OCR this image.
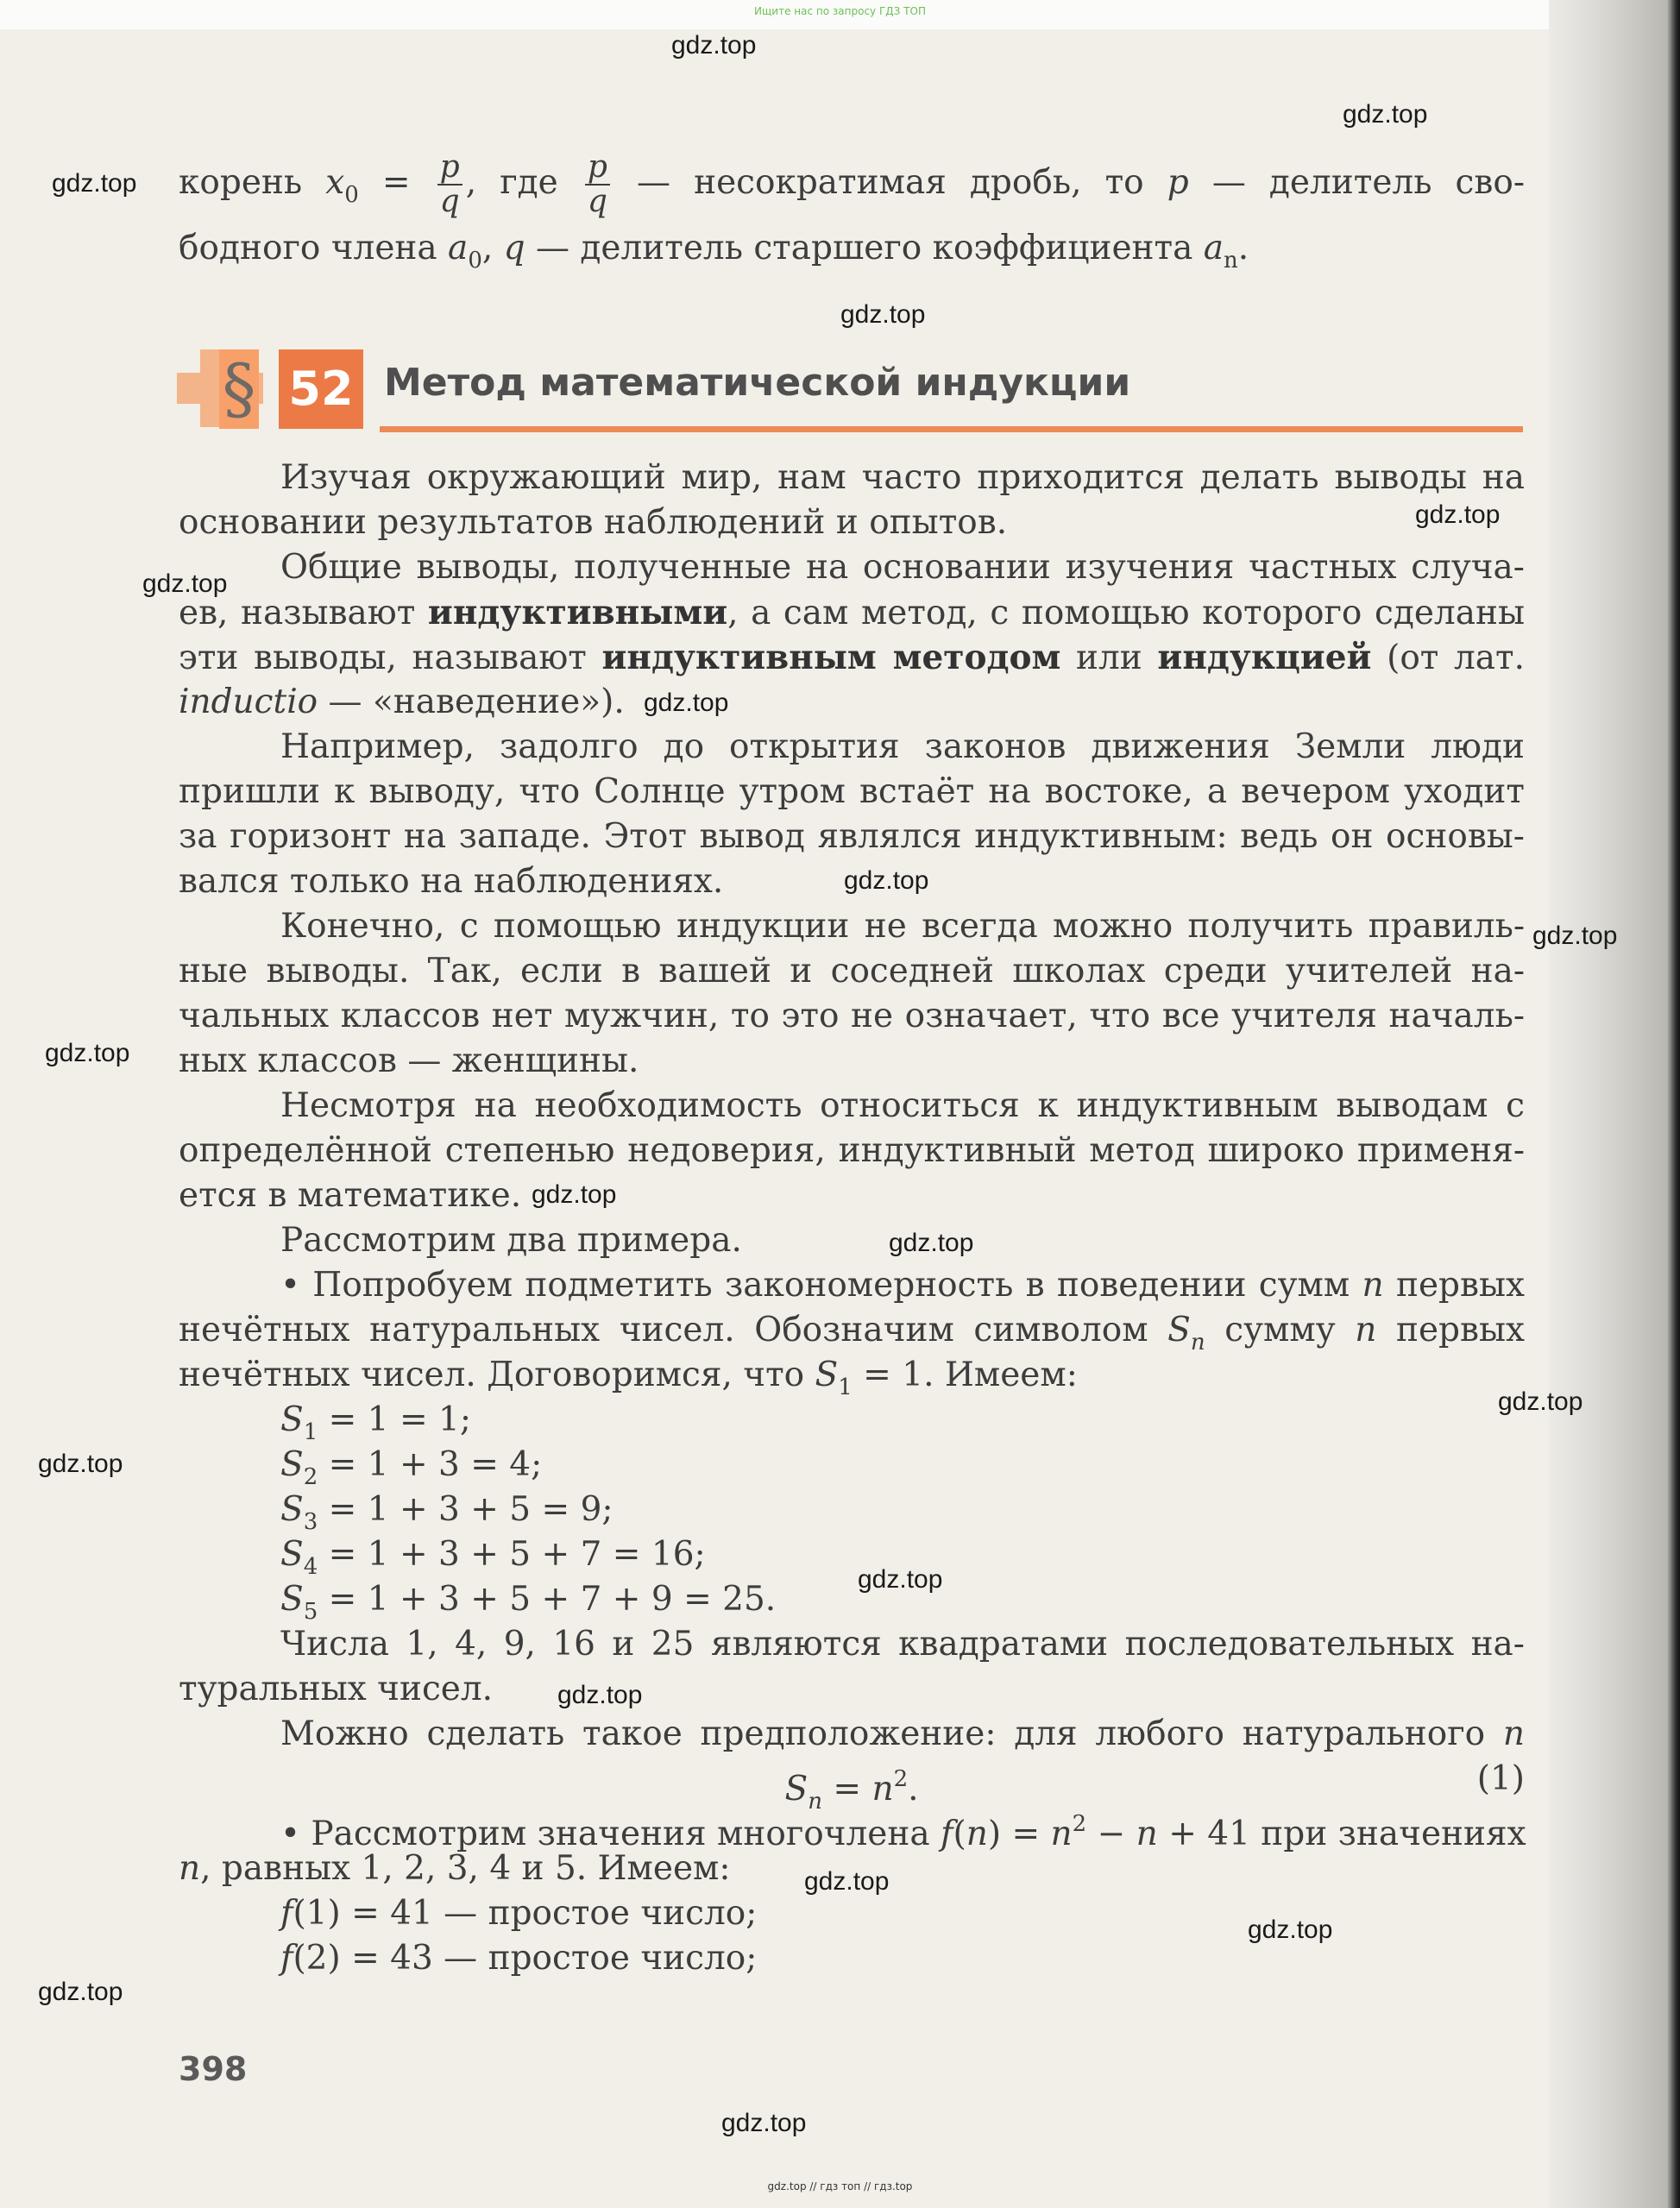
Ищите нас по запросу ГДЗ ТОП
корень $x_0 = \frac{p}{q}$ , где $\frac{p}{q}$ — несократимая дробь, то p — делитель сво-
бодного члена $a_0$, q — делитель старшего коэффициента $a_n$.
§ 52 Метод математической индукции
Изучая окружающий мир, нам часто приходится делать выводы на
основании результатов наблюдений и опытов.
Общие выводы, полученные на основании изучения частных случа-
ев, называют индуктивными, а сам метод, с помощью которого сделаны
эти выводы, называют индуктивным методом или индукцией (от лат.
inductio — «наведение»).
Например, задолго до открытия законов движения Земли люди
пришли к выводу, что Солнце утром встаёт на востоке, а вечером уходит
за горизонт на западе. Этот вывод являлся индуктивным: ведь он основы-
вался только на наблюдениях.
Конечно, с помощью индукции не всегда можно получить правиль-
ные выводы. Так, если в вашей и соседней школах среди учителей на-
чальных классов нет мужчин, то это не означает, что все учителя началь-
ных классов — женщины.
Несмотря на необходимость относиться к индуктивным выводам с
определённой степенью недоверия, индуктивный метод широко применя-
ется в математике.
Рассмотрим два примера.
• Попробуем подметить закономерность в поведении сумм n первых
нечётных натуральных чисел. Обозначим символом $S_n$ сумму n первых
нечётных чисел. Договоримся, что $S_1 = 1$. Имеем:
$S_1 = 1 = 1$;
$S_2 = 1 + 3 = 4$;
$S_3 = 1 + 3 + 5 = 9$;
$S_4 = 1 + 3 + 5 + 7 = 16$;
$S_5 = 1 + 3 + 5 + 7 + 9 = 25$.
Числа 1, 4, 9, 16 и 25 являются квадратами последовательных на-
туральных чисел.
Можно сделать такое предположение: для любого натурального n
$S_n = n^2$.	(1)
• Рассмотрим значения многочлена $f(n) = n^2 - n + 41$ при значениях
n, равных 1, 2, 3, 4 и 5. Имеем:
f(1) = 41 — простое число;
f(2) = 43 — простое число;
398
gdz.top
gdz.top
gdz.top
gdz.top
gdz.top
gdz.top
gdz.top
gdz.top
gdz.top
gdz.top
gdz.top
gdz.top
gdz.top
gdz.top
gdz.top
gdz.top
gdz.top
gdz.top
gdz.top
gdz.top
gdz.top // гдз топ // гдз.top
